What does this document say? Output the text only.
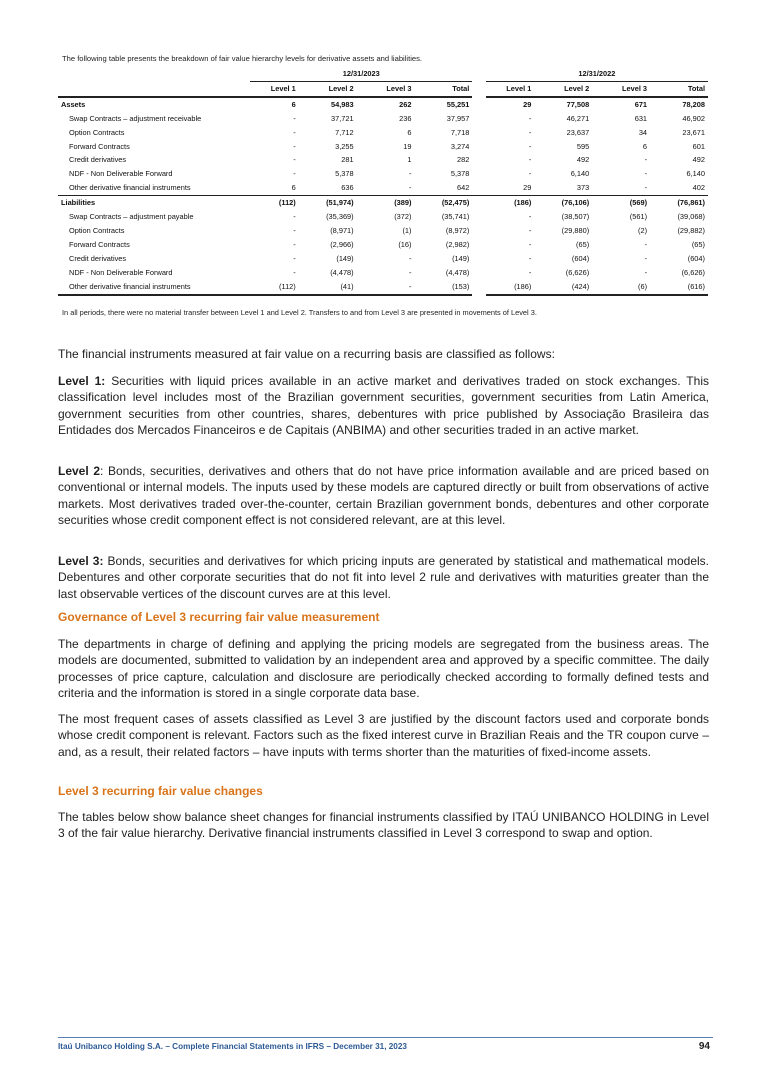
The following table presents the breakdown of fair value hierarchy levels for derivative assets and liabilities.
	12/31/2023					12/31/2022			
	Level 1	Level 2	Level 3	Total		Level 1	Level 2	Level 3	Total
Assets	6	54,983	262	55,251		29	77,508	671	78,208
Swap Contracts – adjustment receivable	-	37,721	236	37,957		-	46,271	631	46,902
Option Contracts	-	7,712	6	7,718		-	23,637	34	23,671
Forward Contracts	-	3,255	19	3,274		-	595	6	601
Credit derivatives	-	281	1	282		-	492	-	492
NDF - Non Deliverable Forward	-	5,378	-	5,378		-	6,140	-	6,140
Other derivative financial instruments	6	636	-	642		29	373	-	402
Liabilities	(112)	(51,974)	(389)	(52,475)		(186)	(76,106)	(569)	(76,861)
Swap Contracts – adjustment payable	-	(35,369)	(372)	(35,741)		-	(38,507)	(561)	(39,068)
Option Contracts	-	(8,971)	(1)	(8,972)		-	(29,880)	(2)	(29,882)
Forward Contracts	-	(2,966)	(16)	(2,982)		-	(65)	-	(65)
Credit derivatives	-	(149)	-	(149)		-	(604)	-	(604)
NDF - Non Deliverable Forward	-	(4,478)	-	(4,478)		-	(6,626)	-	(6,626)
Other derivative financial instruments	(112)	(41)	-	(153)		(186)	(424)	(6)	(616)
In all periods, there were no material transfer between Level 1 and Level 2. Transfers to and from Level 3 are presented in movements of Level 3.

The financial instruments measured at fair value on a recurring basis are classified as follows:

Level 1: Securities with liquid prices available in an active market and derivatives traded on stock exchanges. This classification level includes most of the Brazilian government securities, government securities from Latin America, government securities from other countries, shares, debentures with price published by Associação Brasileira das Entidades dos Mercados Financeiros e de Capitais (ANBIMA) and other securities traded in an active market.

Level 2: Bonds, securities, derivatives and others that do not have price information available and are priced based on conventional or internal models. The inputs used by these models are captured directly or built from observations of active markets. Most derivatives traded over-the-counter, certain Brazilian government bonds, debentures and other corporate securities whose credit component effect is not considered relevant, are at this level.

Level 3: Bonds, securities and derivatives for which pricing inputs are generated by statistical and mathematical models. Debentures and other corporate securities that do not fit into level 2 rule and derivatives with maturities greater than the last observable vertices of the discount curves are at this level.

Governance of Level 3 recurring fair value measurement

The departments in charge of defining and applying the pricing models are segregated from the business areas. The models are documented, submitted to validation by an independent area and approved by a specific committee. The daily processes of price capture, calculation and disclosure are periodically checked according to formally defined tests and criteria and the information is stored in a single corporate data base.

The most frequent cases of assets classified as Level 3 are justified by the discount factors used and corporate bonds whose credit component is relevant. Factors such as the fixed interest curve in Brazilian Reais and the TR coupon curve – and, as a result, their related factors – have inputs with terms shorter than the maturities of fixed-income assets.

Level 3 recurring fair value changes

The tables below show balance sheet changes for financial instruments classified by ITAÚ UNIBANCO HOLDING in Level 3 of the fair value hierarchy. Derivative financial instruments classified in Level 3 correspond to swap and option.

Itaú Unibanco Holding S.A. – Complete Financial Statements in IFRS – December 31, 2023	94
